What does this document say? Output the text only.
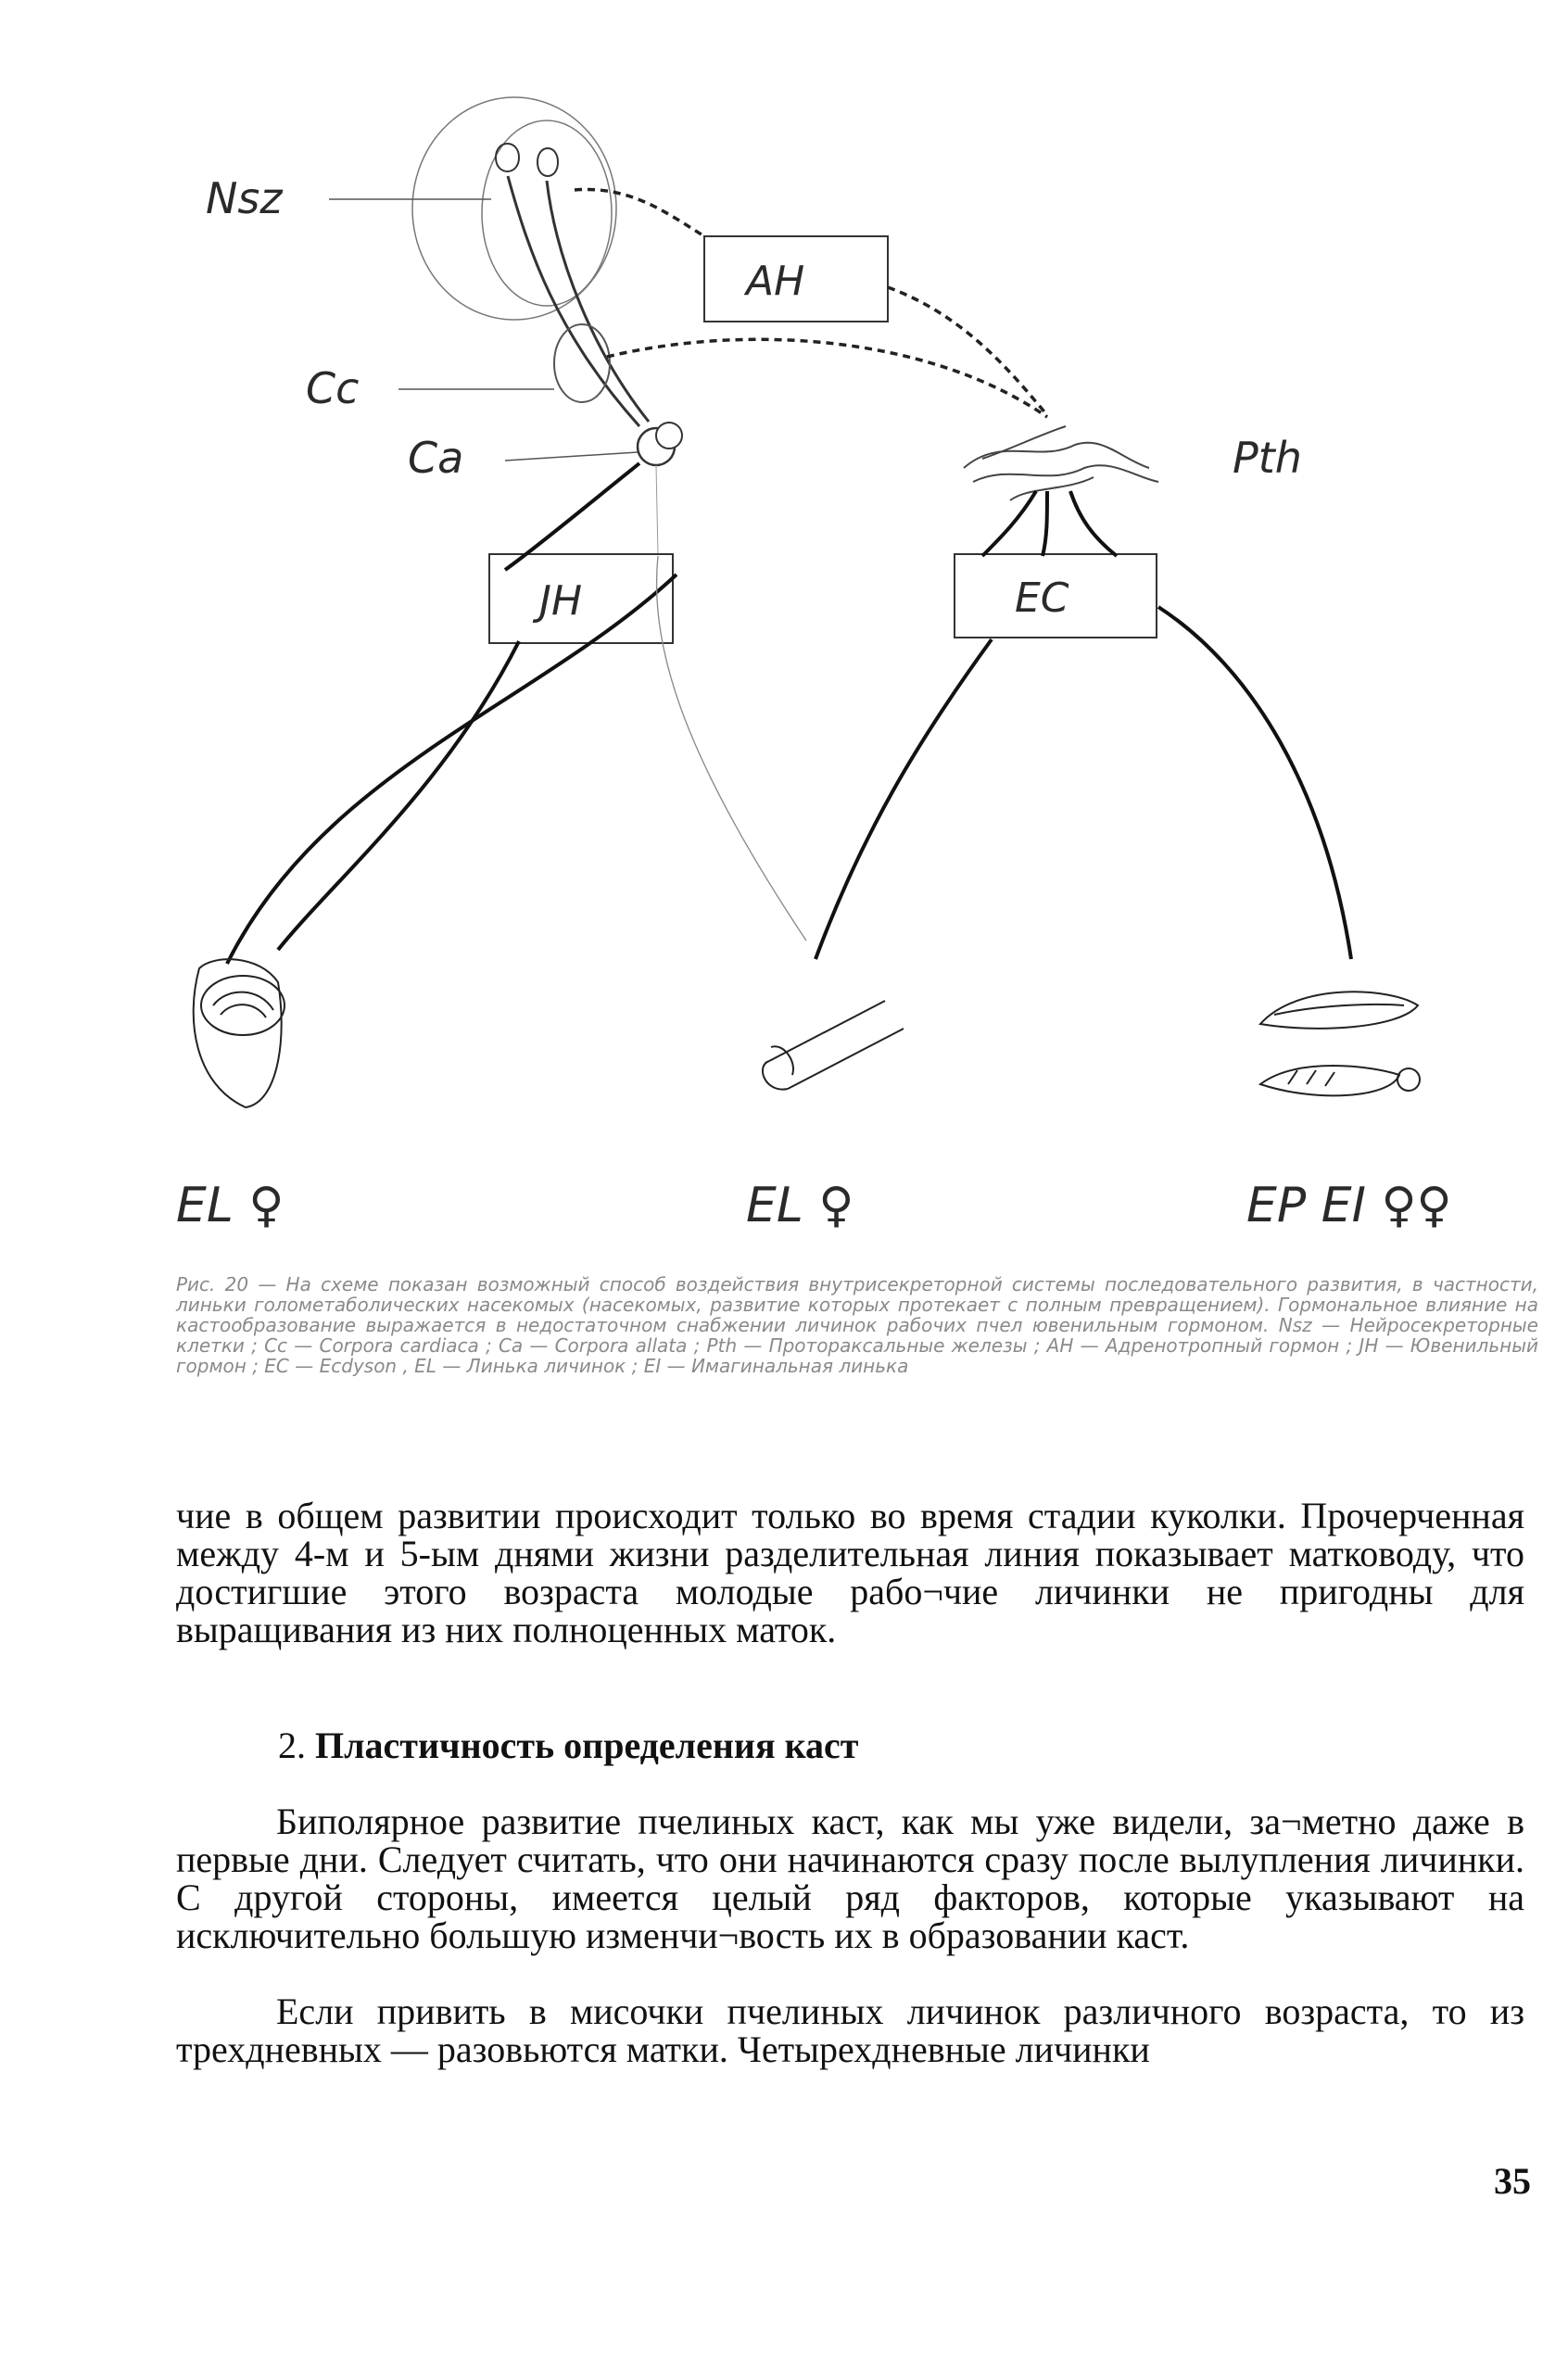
AH
JH	EC
Nsz
Cc
Ca	Pth
EL ♀	EL ♀	EP EI ♀♀

Рис. 20 — На схеме показан возможный способ воздействия внутрисекреторной системы последовательного развития, в частности, линьки голометаболических насекомых (насекомых, развитие которых протекает с полным превращением). Гормональное влияние на кастообразование выражается в недостаточном снабжении личинок рабочих пчел ювенильным гормоном. Nsz — Нейросекреторные клетки ; Cc — Corpora cardiaca ; Ca — Corpora allata ; Pth — Проторакcальные железы ; AH — Адренотропный гормон ; JH — Ювенильный гормон ; EC — Ecdyson , EL — Линька личинок ; EI — Имагинальная линька

чие в общем развитии происходит только во время стадии куколки. Прочерченная между 4-м и 5-ым днями жизни разделительная линия показывает матководу, что достигшие этого возраста молодые рабо¬чие личинки не пригодны для выращивания из них полноценных маток.

2. Пластичность определения каст

Биполярное развитие пчелиных каст, как мы уже видели, за¬метно даже в первые дни. Следует считать, что они начинаются сразу после вылупления личинки. С другой стороны, имеется целый ряд факторов, которые указывают на исключительно большую изменчи¬вость их в образовании каст.

Если привить в мисочки пчелиных личинок различного возраста, то из трехдневных — разовьются матки. Четырехдневные личинки

35
